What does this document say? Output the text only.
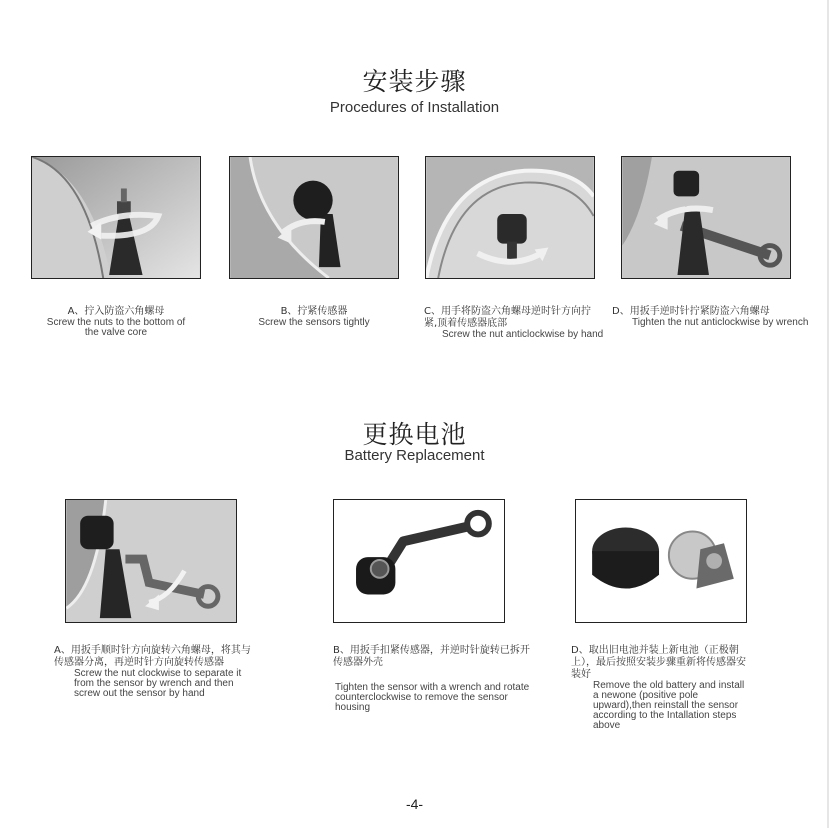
安装步骤
Procedures of Installation
A、拧入防盗六角螺母
Screw the nuts to the bottom of the valve core
B、拧紧传感器
Screw the sensors tightly
C、用手将防盗六角螺母逆时针方向拧紧,顶着传感器底部
Screw the nut anticlockwise by hand
D、用扳手逆时针拧紧防盗六角螺母
Tighten the nut anticlockwise by wrench
更换电池
Battery Replacement
A、用扳手顺时针方向旋转六角螺母，将其与传感器分离，再逆时针方向旋转传感器
Screw the nut clockwise to separate it from the sensor by wrench and then screw out the sensor by hand
B、用扳手扣紧传感器，并逆时针旋转已拆开传感器外壳
Tighten the sensor with a wrench and rotate counterclockwise to remove the sensor housing
D、取出旧电池并装上新电池（正极朝上），最后按照安装步骤重新将传感器安装好
Remove the old battery and install a newone (positive pole upward),then reinstall the sensor according to the Intallation steps above
-4-
